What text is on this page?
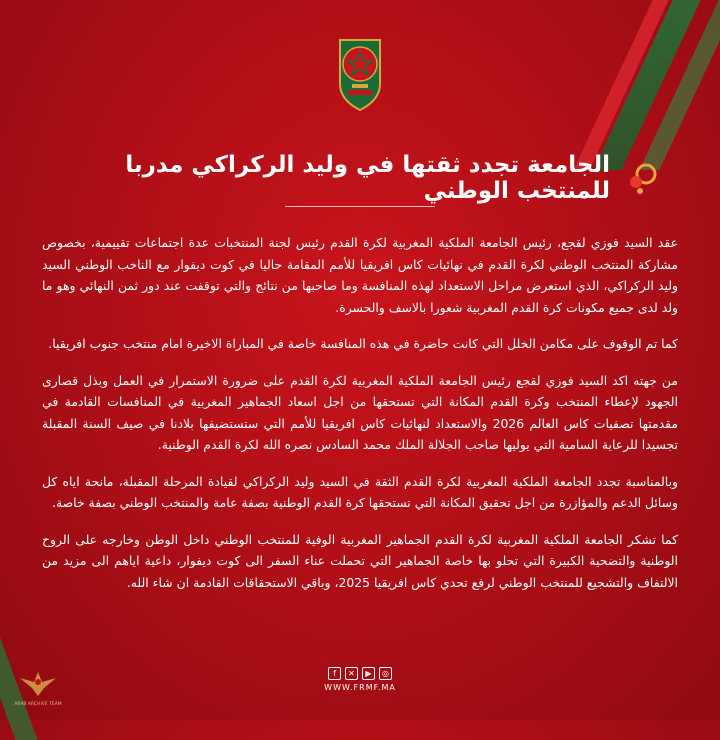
الجامعة تجدد ثقتها في وليد الركراكي مدربا للمنتخب الوطني

عقد السيد فوزي لقجع، رئيس الجامعة الملكية المغربية لكرة القدم رئيس لجنة المنتخبات عدة اجتماعات تقييمية، بخصوص مشاركة المنتخب الوطني لكرة القدم في نهائيات كاس افريقيا للأمم المقامة حاليا في كوت ديفوار مع الناخب الوطني السيد وليد الركراكي، الذي استعرض مراحل الاستعداد لهذه المنافسة وما صاحبها من نتائج والتي توقفت عند دور ثمن النهائي وهو ما ولد لدى جميع مكونات كرة القدم المغربية شعورا بالاسف والحسرة.

كما تم الوقوف على مكامن الخلل التي كانت حاضرة في هذه المنافسة خاصة في المباراة الاخيرة امام منتخب جنوب افريقيا.

من جهته اكد السيد فوزي لقجع رئيس الجامعة الملكية المغربية لكرة القدم على ضرورة الاستمرار في العمل وبذل قصارى الجهود لإعطاء المنتخب وكرة القدم المكانة التي تستحقها من اجل اسعاد الجماهير المغربية في المنافسات القادمة في مقدمتها تصفيات كاس العالم 2026 والاستعداد لنهائيات كاس افريقيا للأمم التي ستستضيفها بلادنا في صيف السنة المقبلة تجسيدا للرعاية السامية التي يوليها صاحب الجلالة الملك محمد السادس نصره الله لكرة القدم الوطنية.

وبالمناسبة تجدد الجامعة الملكية المغربية لكرة القدم الثقة في السيد وليد الركراكي لقيادة المرحلة المقبلة، مانحة اياه كل وسائل الدعم والمؤازرة من اجل تحقيق المكانة التي تستحقها كرة القدم الوطنية بصفة عامة والمنتخب الوطني بصفة خاصة.

كما تشكر الجامعة الملكية المغربية لكرة القدم الجماهير المغربية الوفية للمنتخب الوطني داخل الوطن وخارجه على الروح الوطنية والتضحية الكبيرة التي تحلو بها خاصة الجماهير التي تحملت عناء السفر الى كوت ديفوار، داعية اياهم الى مزيد من الالتفاف والتشجيع للمنتخب الوطني لرفع تحدي كاس افريقيا 2025، وباقي الاستحقاقات القادمة ان شاء الله.

f	✕	▶	◎
WWW.FRMF.MA
ARAB ARCHIVE TEAM
